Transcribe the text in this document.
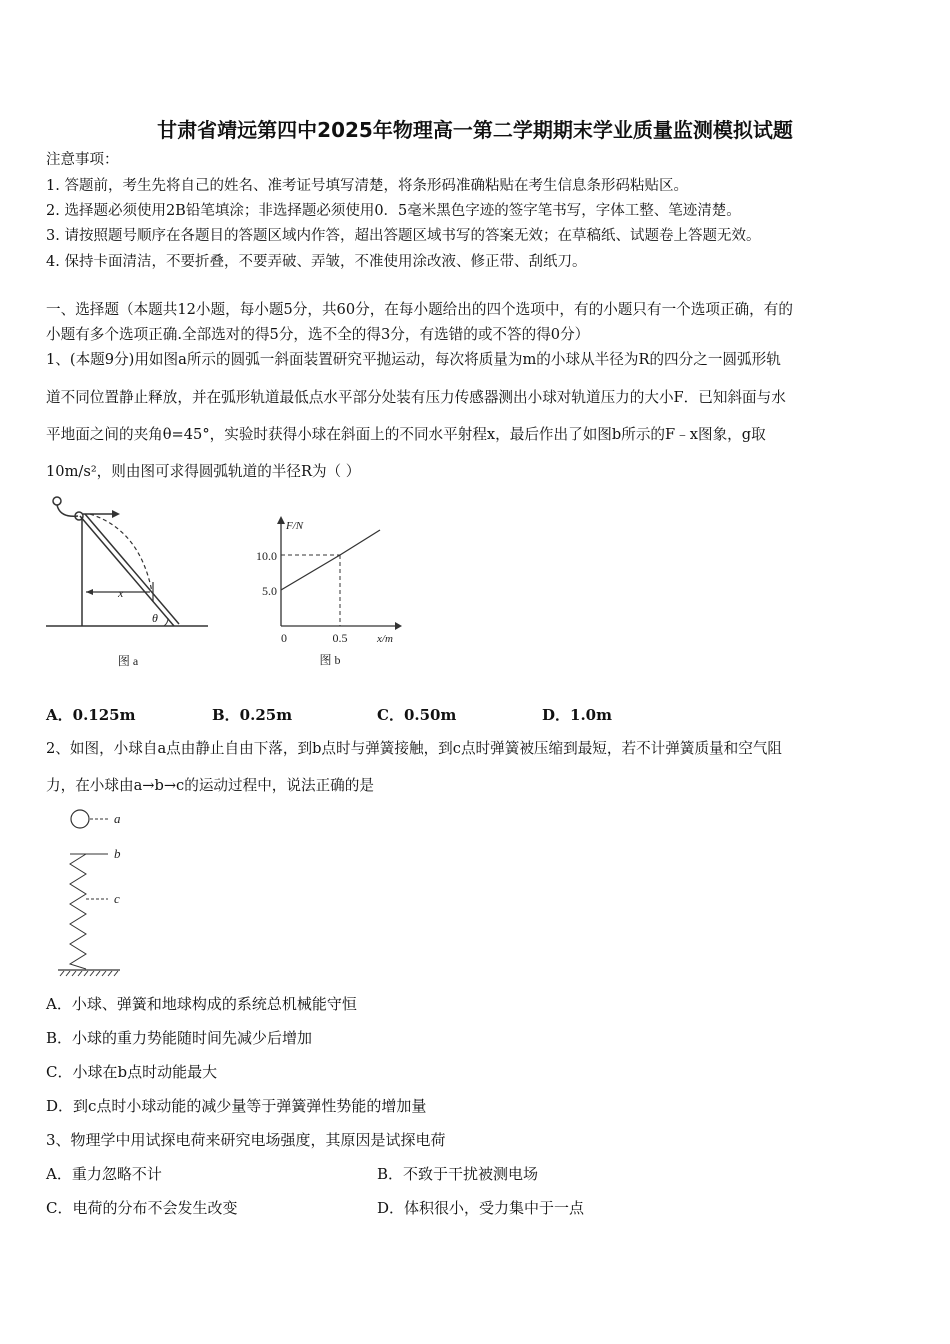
甘肃省靖远第四中2025年物理高一第二学期期末学业质量监测模拟试题
注意事项：
1. 答题前，考生先将自己的姓名、准考证号填写清楚，将条形码准确粘贴在考生信息条形码粘贴区。
2. 选择题必须使用2B铅笔填涂；非选择题必须使用0．5毫米黑色字迹的签字笔书写，字体工整、笔迹清楚。
3. 请按照题号顺序在各题目的答题区域内作答，超出答题区域书写的答案无效；在草稿纸、试题卷上答题无效。
4. 保持卡面清洁，不要折叠，不要弄破、弄皱，不准使用涂改液、修正带、刮纸刀。
一、选择题（本题共12小题，每小题5分，共60分，在每小题给出的四个选项中，有的小题只有一个选项正确，有的
小题有多个选项正确.全部选对的得5分，选不全的得3分，有选错的或不答的得0分）
1、(本题9分)用如图a所示的圆弧一斜面装置研究平抛运动，每次将质量为m的小球从半径为R的四分之一圆弧形轨
道不同位置静止释放，并在弧形轨道最低点水平部分处装有压力传感器测出小球对轨道压力的大小F．已知斜面与水
平地面之间的夹角θ=45°，实验时获得小球在斜面上的不同水平射程x，最后作出了如图b所示的F﹣x图象，g取
10m/s²，则由图可求得圆弧轨道的半径R为（ ）
x
θ
图 a
F/N
10.0
5.0
0	0.5	x/m
图 b
A．0.125m	B．0.25m	C．0.50m	D．1.0m
2、如图，小球自a点由静止自由下落，到b点时与弹簧接触，到c点时弹簧被压缩到最短，若不计弹簧质量和空气阻
力，在小球由a→b→c的运动过程中，说法正确的是
a
b
c
A．小球、弹簧和地球构成的系统总机械能守恒
B．小球的重力势能随时间先减少后增加
C．小球在b点时动能最大
D．到c点时小球动能的减少量等于弹簧弹性势能的增加量
3、物理学中用试探电荷来研究电场强度，其原因是试探电荷
A．重力忽略不计	B．不致于干扰被测电场
C．电荷的分布不会发生改变	D．体积很小，受力集中于一点
